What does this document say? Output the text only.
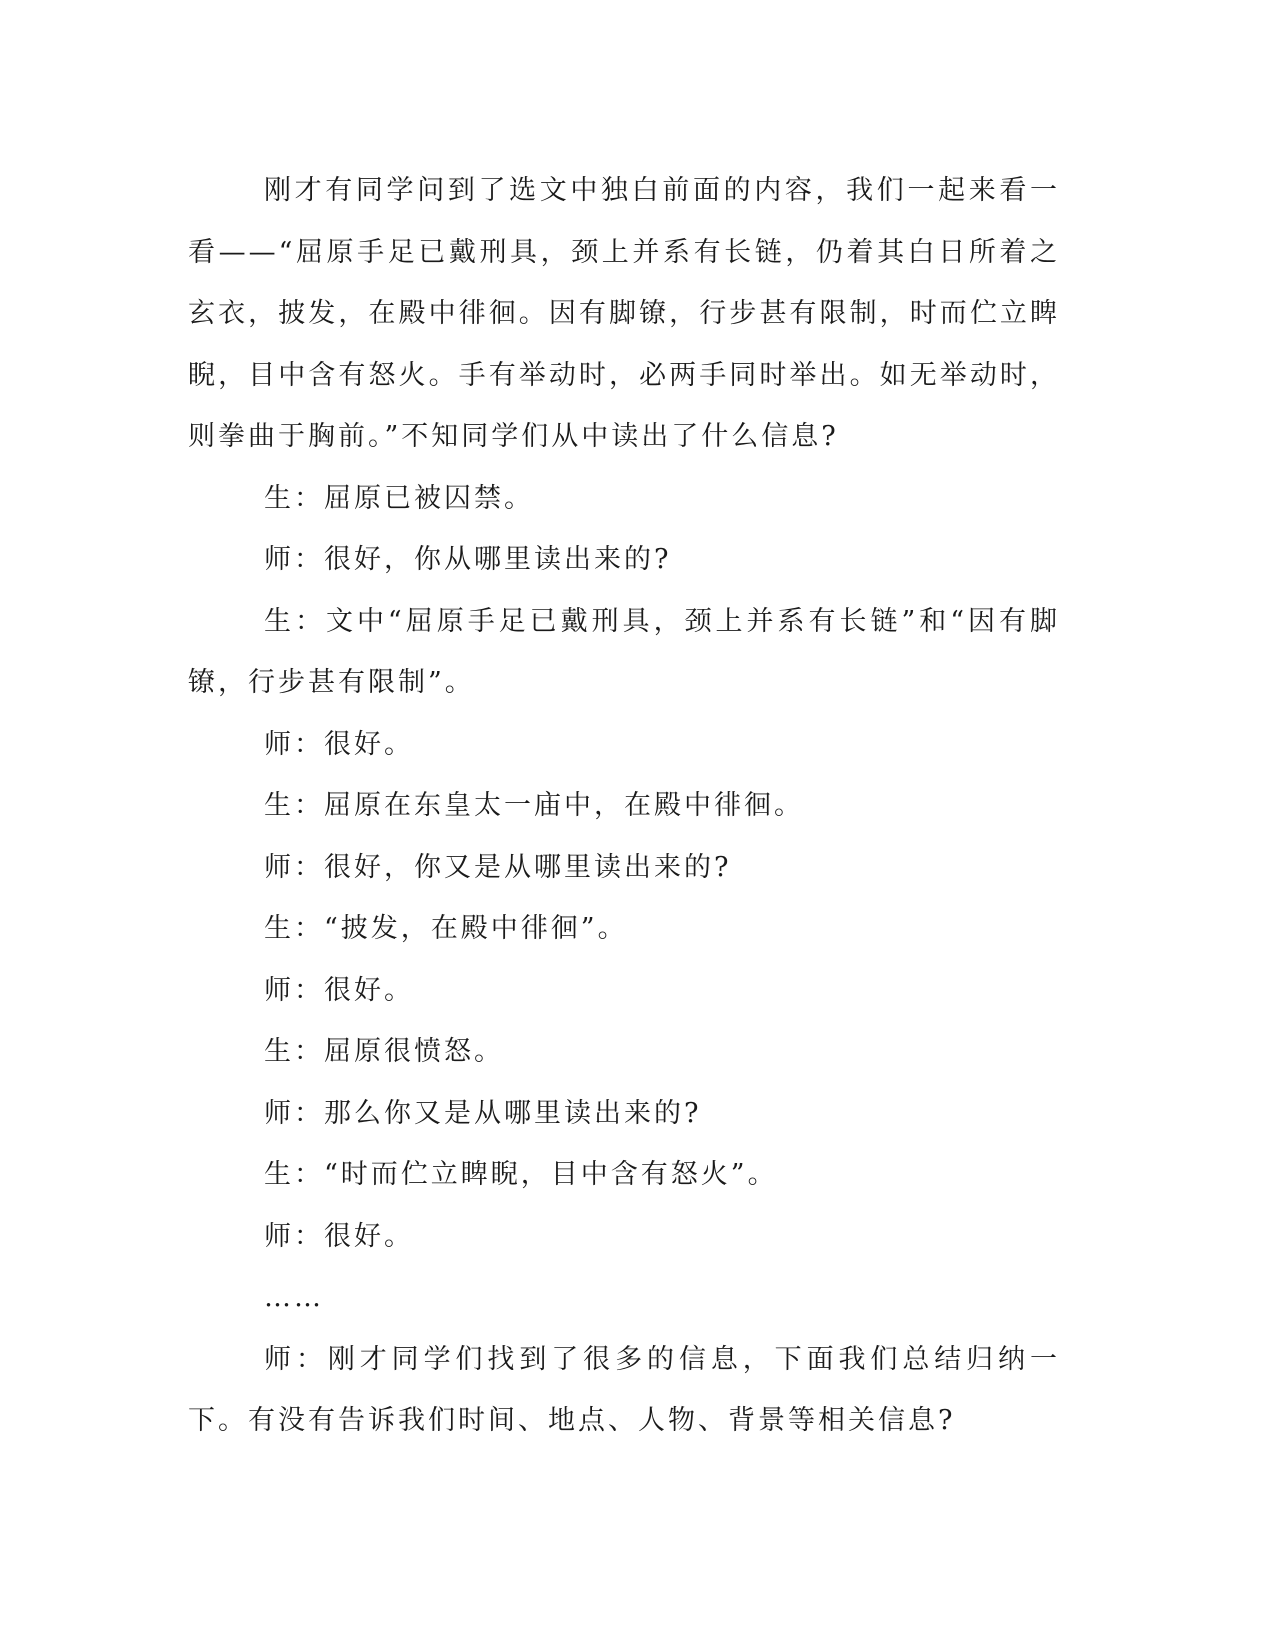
刚才有同学问到了选文中独白前面的内容，我们一起来看一看——“屈原手足已戴刑具，颈上并系有长链，仍着其白日所着之玄衣，披发，在殿中徘徊。因有脚镣，行步甚有限制，时而伫立睥睨，目中含有怒火。手有举动时，必两手同时举出。如无举动时，则拳曲于胸前。”不知同学们从中读出了什么信息?

生：屈原已被囚禁。

师：很好，你从哪里读出来的?

生：文中“屈原手足已戴刑具，颈上并系有长链”和“因有脚镣，行步甚有限制”。

师：很好。

生：屈原在东皇太一庙中，在殿中徘徊。

师：很好，你又是从哪里读出来的?

生：“披发，在殿中徘徊”。

师：很好。

生：屈原很愤怒。

师：那么你又是从哪里读出来的?

生：“时而伫立睥睨，目中含有怒火”。

师：很好。

……

师：刚才同学们找到了很多的信息，下面我们总结归纳一下。有没有告诉我们时间、地点、人物、背景等相关信息?
